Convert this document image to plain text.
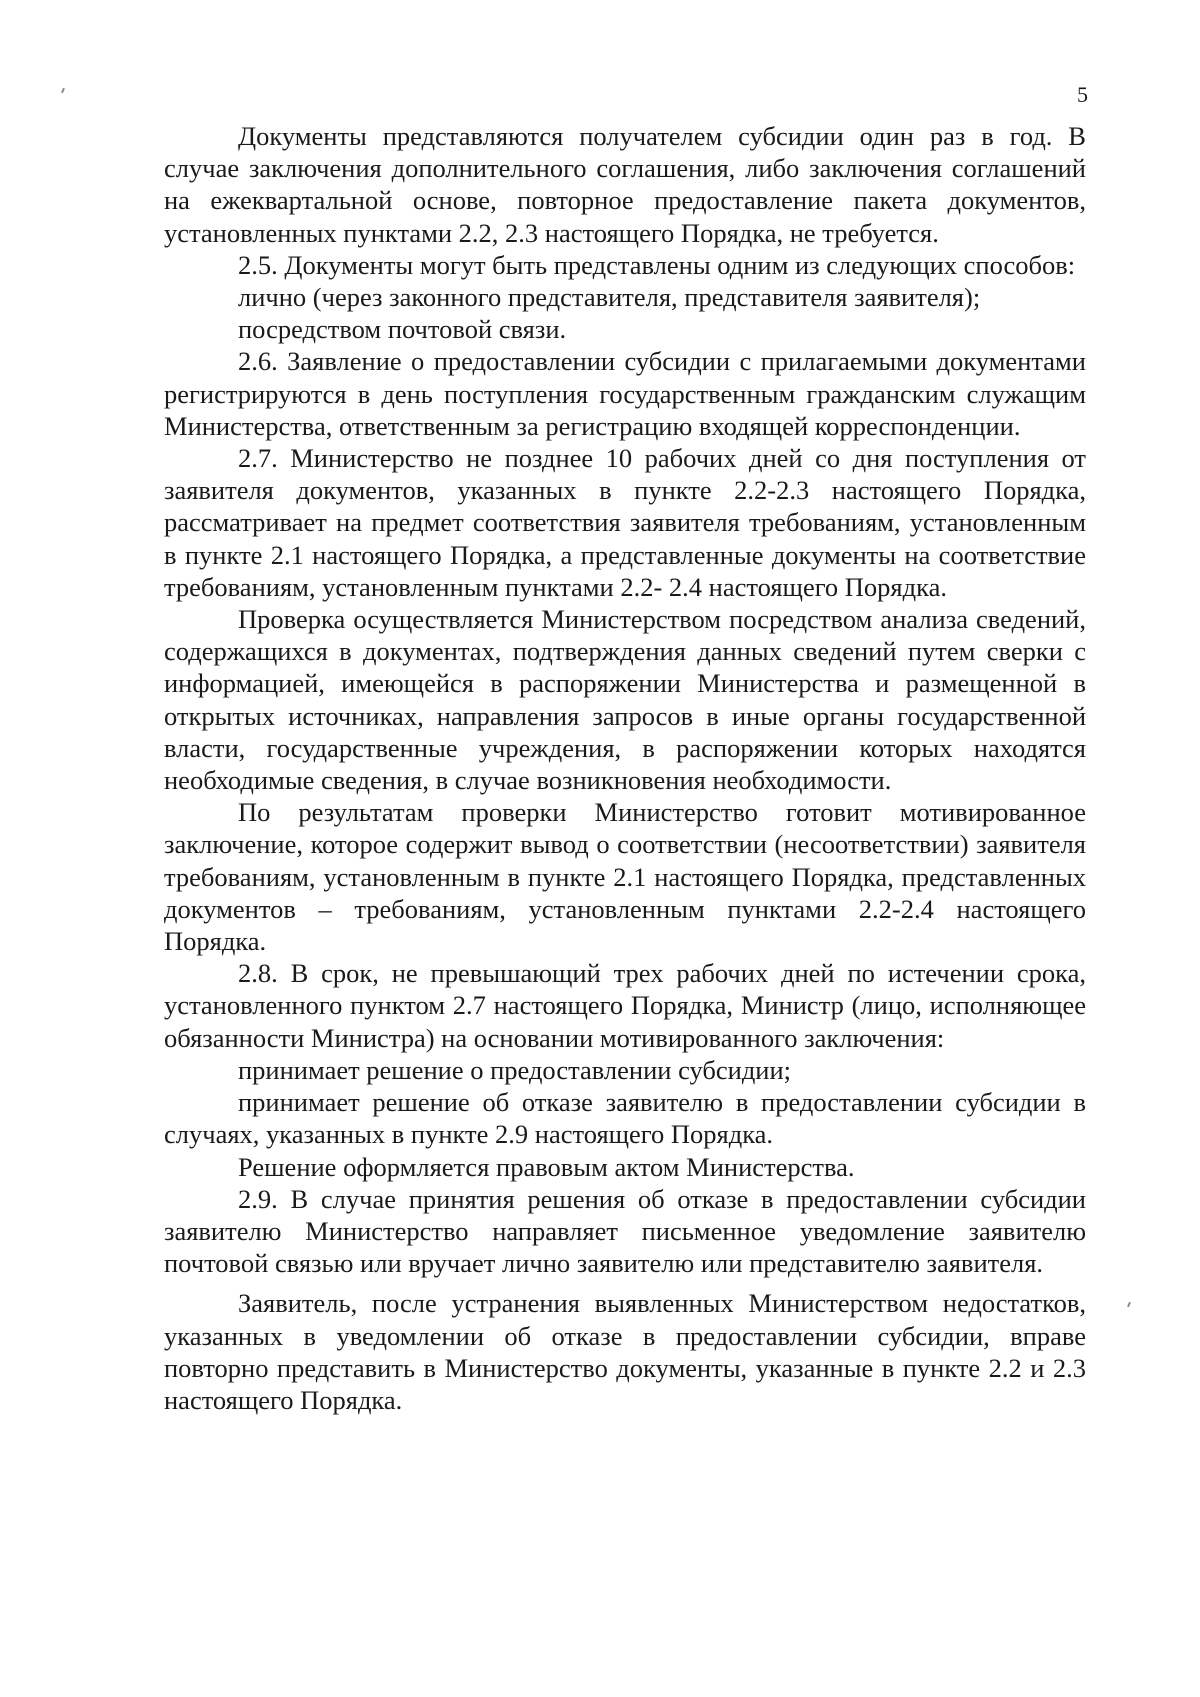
5

Документы представляются получателем субсидии один раз в год. В случае заключения дополнительного соглашения, либо заключения соглашений на ежеквартальной основе, повторное предоставление пакета документов, установленных пунктами 2.2, 2.3 настоящего Порядка, не требуется.

2.5. Документы могут быть представлены одним из следующих способов:

лично (через законного представителя, представителя заявителя);

посредством почтовой связи.

2.6. Заявление о предоставлении субсидии с прилагаемыми документами регистрируются в день поступления государственным гражданским служащим Министерства, ответственным за регистрацию входящей корреспонденции.

2.7. Министерство не позднее 10 рабочих дней со дня поступления от заявителя документов, указанных в пункте 2.2-2.3 настоящего Порядка, рассматривает на предмет соответствия заявителя требованиям, установленным в пункте 2.1 настоящего Порядка, а представленные документы на соответствие требованиям, установленным пунктами 2.2- 2.4 настоящего Порядка.

Проверка осуществляется Министерством посредством анализа сведений, содержащихся в документах, подтверждения данных сведений путем сверки с информацией, имеющейся в распоряжении Министерства и размещенной в открытых источниках, направления запросов в иные органы государственной власти, государственные учреждения, в распоряжении которых находятся необходимые сведения, в случае возникновения необходимости.

По результатам проверки Министерство готовит мотивированное заключение, которое содержит вывод о соответствии (несоответствии) заявителя требованиям, установленным в пункте 2.1 настоящего Порядка, представленных документов – требованиям, установленным пунктами 2.2-2.4 настоящего Порядка.

2.8. В срок, не превышающий трех рабочих дней по истечении срока, установленного пунктом 2.7 настоящего Порядка, Министр (лицо, исполняющее обязанности Министра) на основании мотивированного заключения:

принимает решение о предоставлении субсидии;

принимает решение об отказе заявителю в предоставлении субсидии в случаях, указанных в пункте 2.9 настоящего Порядка.

Решение оформляется правовым актом Министерства.

2.9. В случае принятия решения об отказе в предоставлении субсидии заявителю Министерство направляет письменное уведомление заявителю почтовой связью или вручает лично заявителю или представителю заявителя.

Заявитель, после устранения выявленных Министерством недостатков, указанных в уведомлении об отказе в предоставлении субсидии, вправе повторно представить в Министерство документы, указанные в пункте 2.2 и 2.3 настоящего Порядка.
